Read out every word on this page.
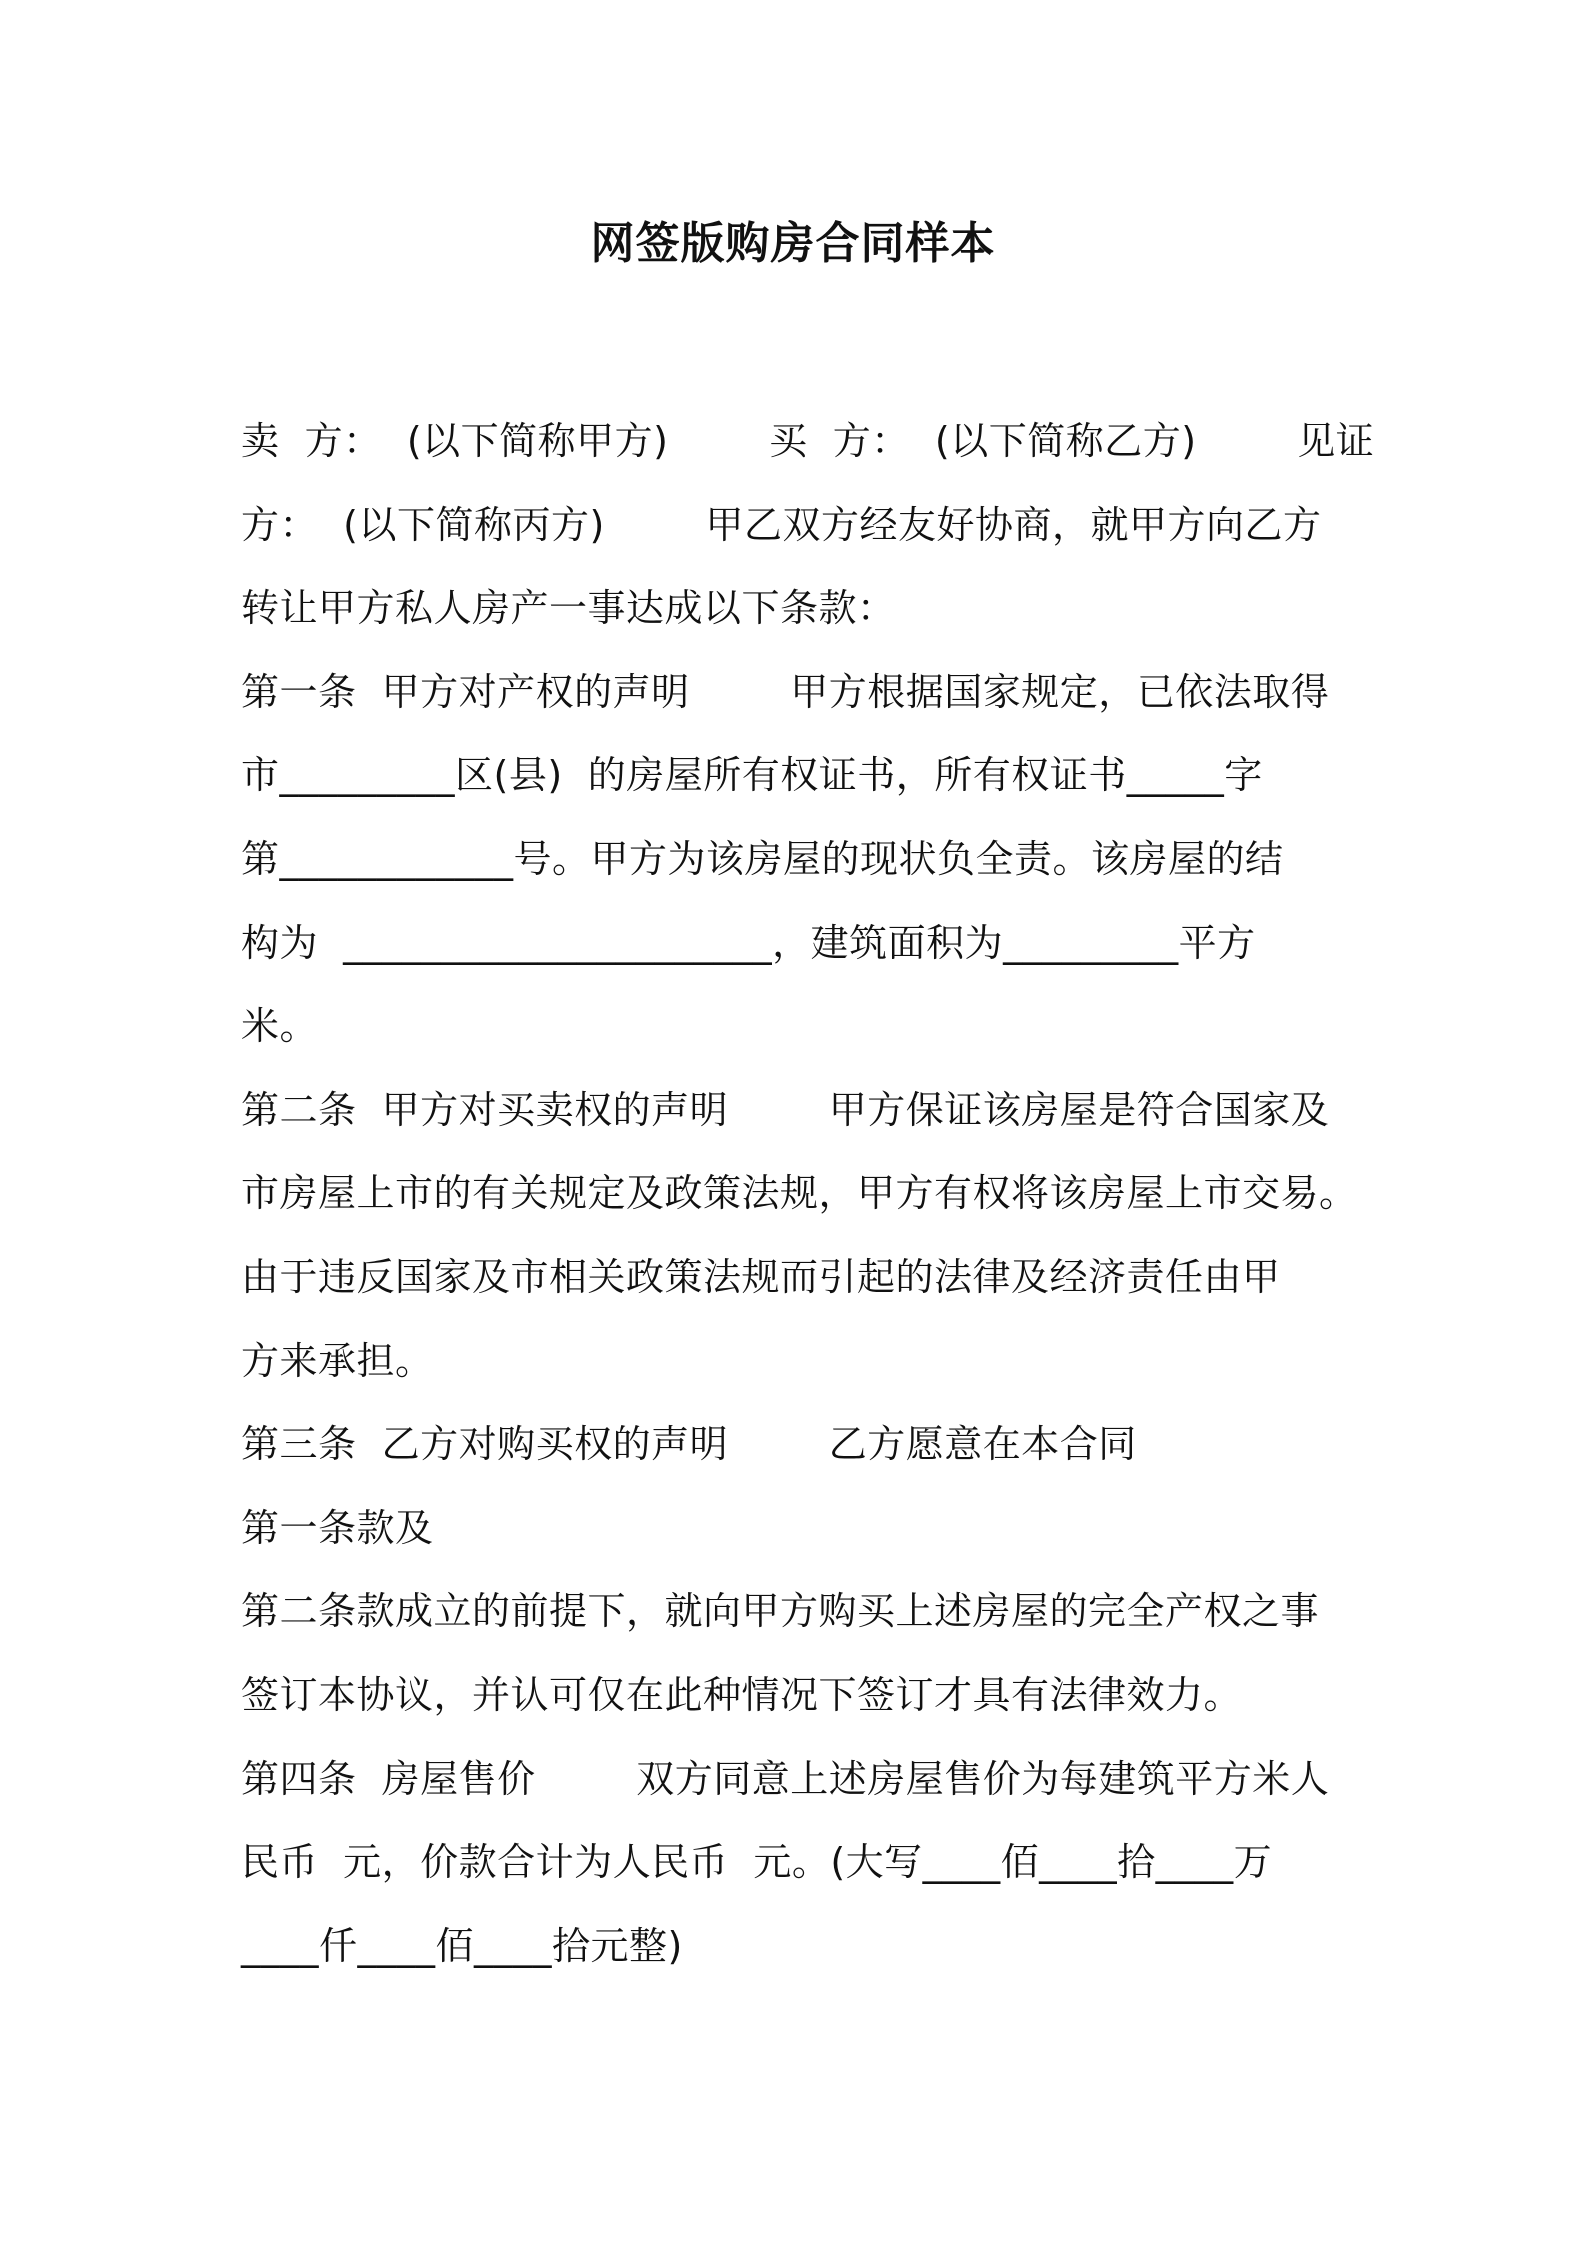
网签版购房合同样本
卖  方：  (以下简称甲方)        买  方：  (以下简称乙方)        见证
方：  (以下简称丙方)        甲乙双方经友好协商，就甲方向乙方
转让甲方私人房产一事达成以下条款：
第一条  甲方对产权的声明        甲方根据国家规定，已依法取得
市_________区(县)  的房屋所有权证书，所有权证书_____字
第____________号。甲方为该房屋的现状负全责。该房屋的结
构为  ______________________，建筑面积为_________平方
米。
第二条  甲方对买卖权的声明        甲方保证该房屋是符合国家及
市房屋上市的有关规定及政策法规，甲方有权将该房屋上市交易。
由于违反国家及市相关政策法规而引起的法律及经济责任由甲
方来承担。
第三条  乙方对购买权的声明        乙方愿意在本合同
第一条款及
第二条款成立的前提下，就向甲方购买上述房屋的完全产权之事
签订本协议，并认可仅在此种情况下签订才具有法律效力。
第四条  房屋售价        双方同意上述房屋售价为每建筑平方米人
民币  元，价款合计为人民币  元。(大写____佰____拾____万
____仟____佰____拾元整)
